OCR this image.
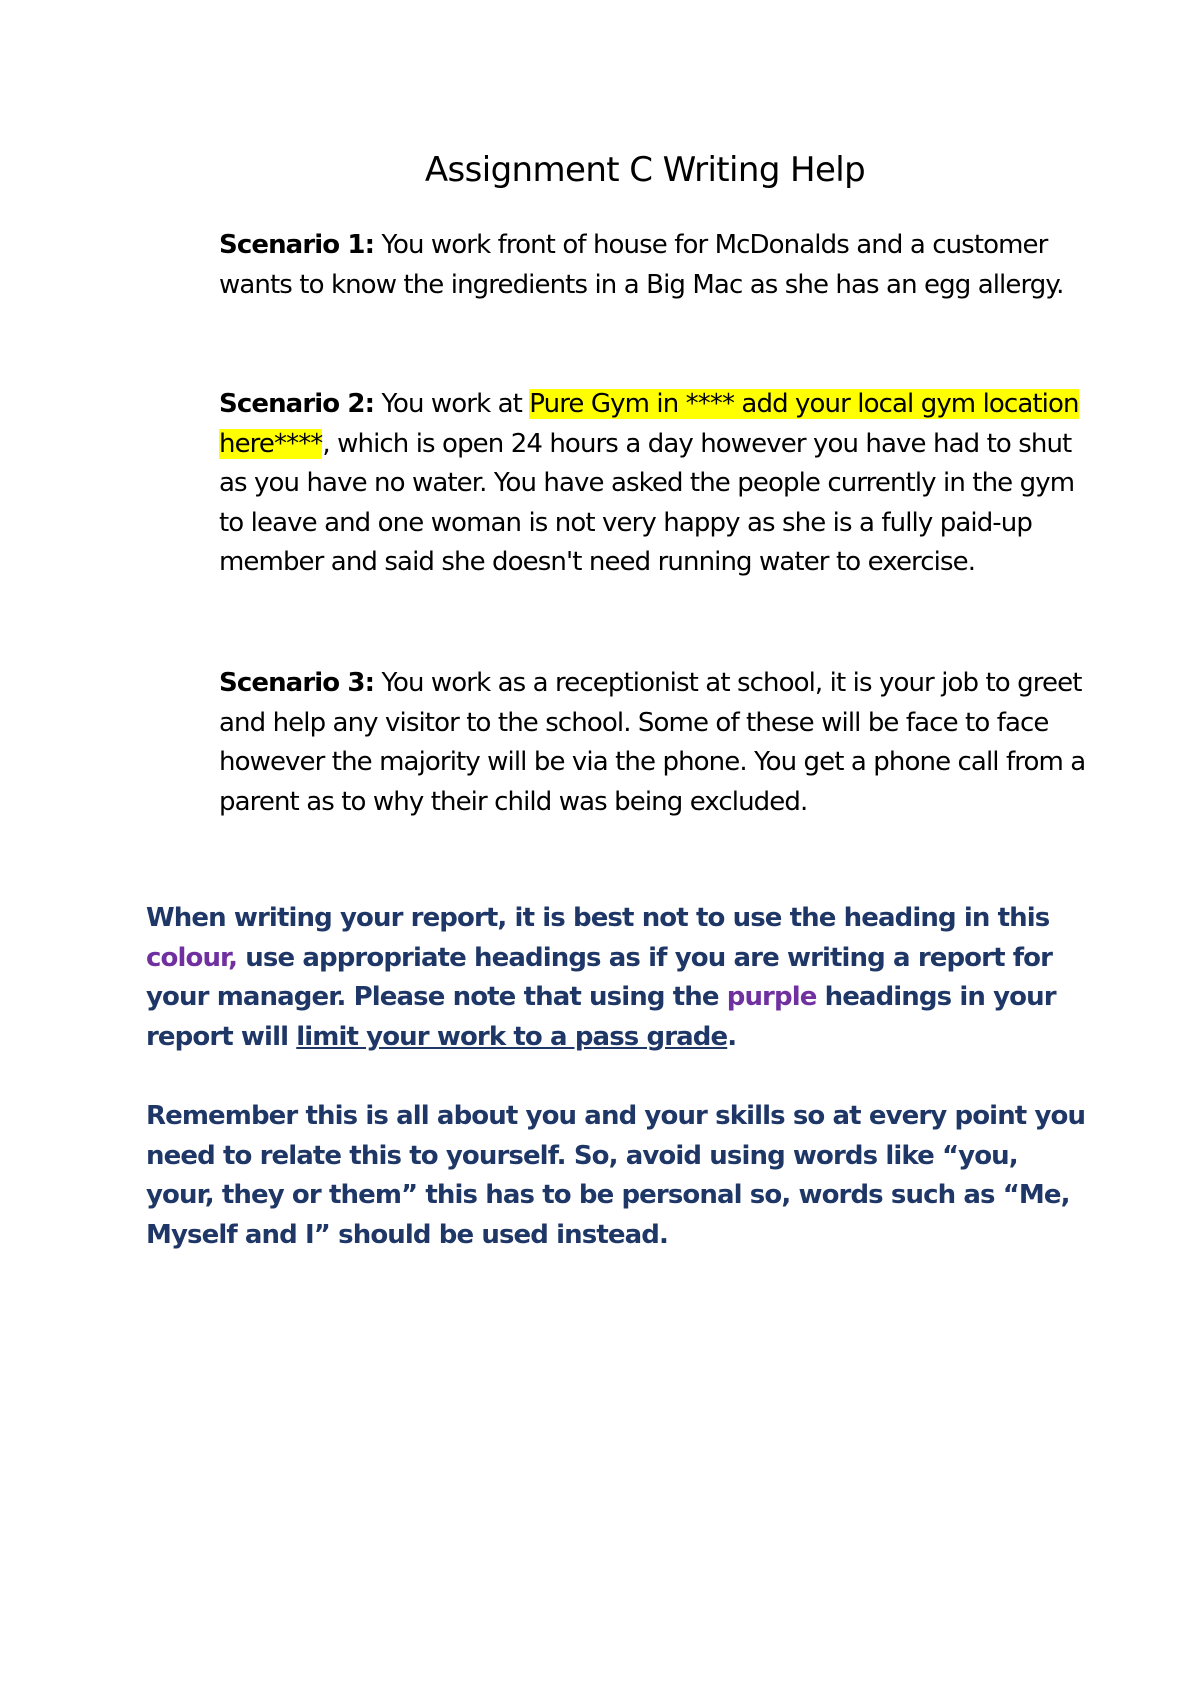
Assignment C Writing Help

Scenario 1: You work front of house for McDonalds and a customer wants to know the ingredients in a Big Mac as she has an egg allergy.

Scenario 2: You work at Pure Gym in **** add your local gym location here****, which is open 24 hours a day however you have had to shut as you have no water. You have asked the people currently in the gym to leave and one woman is not very happy as she is a fully paid-up member and said she doesn't need running water to exercise.

Scenario 3: You work as a receptionist at school, it is your job to greet and help any visitor to the school. Some of these will be face to face however the majority will be via the phone. You get a phone call from a parent as to why their child was being excluded.

When writing your report, it is best not to use the heading in this colour, use appropriate headings as if you are writing a report for your manager. Please note that using the purple headings in your report will limit your work to a pass grade.

Remember this is all about you and your skills so at every point you need to relate this to yourself. So, avoid using words like “you, your, they or them” this has to be personal so, words such as “Me, Myself and I” should be used instead.
